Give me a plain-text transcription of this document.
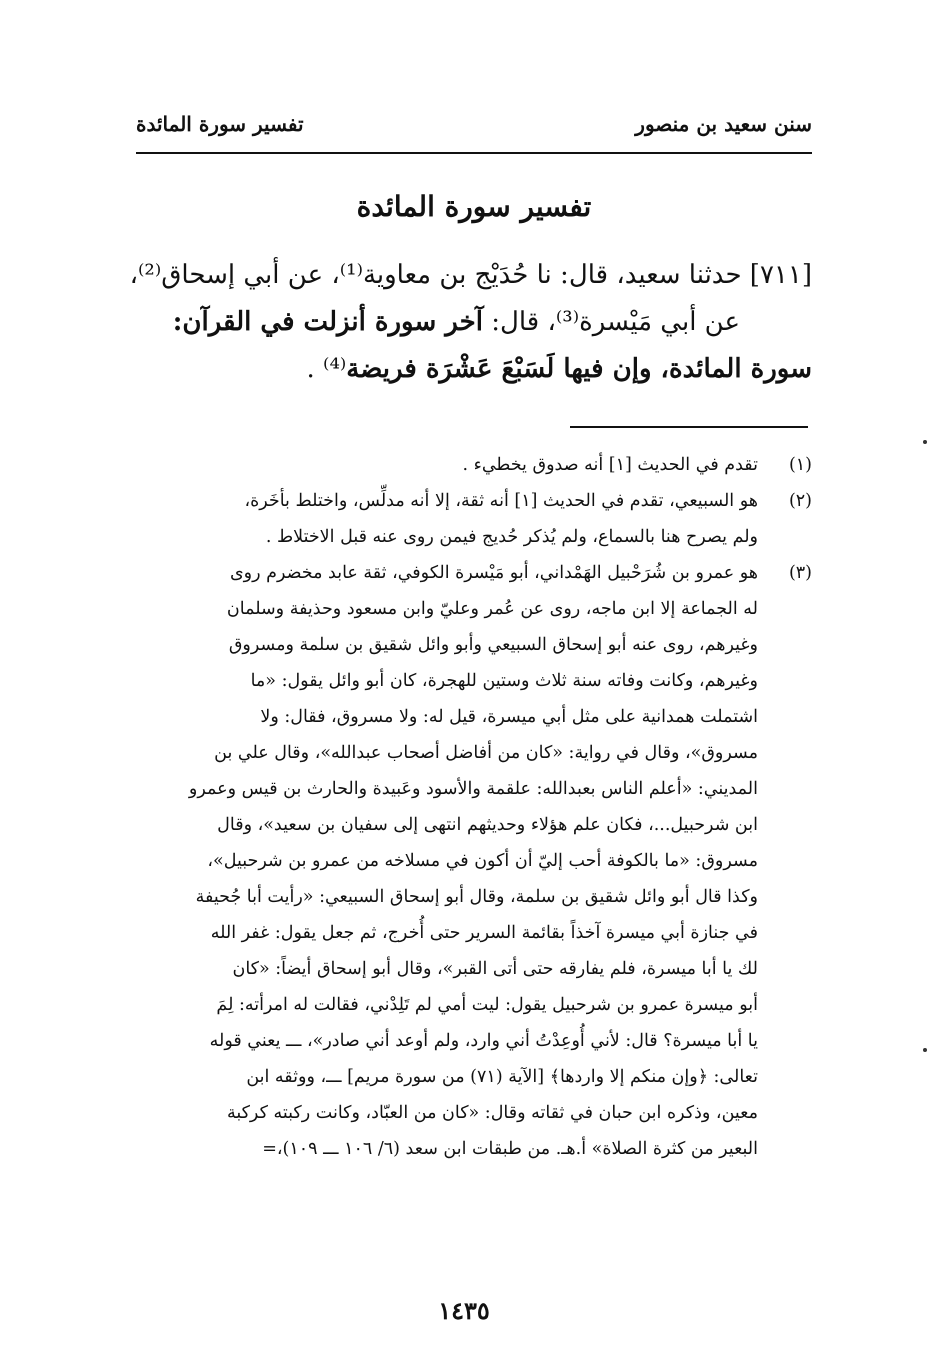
سنن سعيد بن منصور
تفسير سورة المائدة
تفسير سورة المائدة
[٧١١] حدثنا سعيد، قال: نا حُدَيْج بن معاوية⁽¹⁾، عن أبي إسحاق⁽²⁾،
عن أبي مَيْسرة⁽³⁾، قال: آخر سورة أنزلت في القرآن:
سورة المائدة، وإن فيها لَسَبْعَ عَشْرَة فريضة⁽⁴⁾ .
(١)
تقدم في الحديث [١] أنه صدوق يخطيء .
(٢)
هو السبيعي، تقدم في الحديث [١] أنه ثقة، إلا أنه مدلِّس، واختلط بأخَرة،
ولم يصرح هنا بالسماع، ولم يُذكر حُديج فيمن روى عنه قبل الاختلاط .
(٣)
هو عمرو بن شُرَحْبيل الهَمْداني، أبو مَيْسرة الكوفي، ثقة عابد مخضرم روى
له الجماعة إلا ابن ماجه، روى عن عُمر وعليّ وابن مسعود وحذيفة وسلمان
وغيرهم، روى عنه أبو إسحاق السبيعي وأبو وائل شقيق بن سلمة ومسروق
وغيرهم، وكانت وفاته سنة ثلاث وستين للهجرة، كان أبو وائل يقول: «ما
اشتملت همدانية على مثل أبي ميسرة، قيل له: ولا مسروق، فقال: ولا
مسروق»، وقال في رواية: «كان من أفاضل أصحاب عبدالله»، وقال علي بن
المديني: «أعلم الناس بعبدالله: علقمة والأسود وعَبيدة والحارث بن قيس وعمرو
ابن شرحبيل...، فكان علم هؤلاء وحديثهم انتهى إلى سفيان بن سعيد»، وقال
مسروق: «ما بالكوفة أحب إليّ أن أكون في مسلاخه من عمرو بن شرحبيل»،
وكذا قال أبو وائل شقيق بن سلمة، وقال أبو إسحاق السبيعي: «رأيت أبا جُحيفة
في جنازة أبي ميسرة آخذاً بقائمة السرير حتى أُخرج، ثم جعل يقول: غفر الله
لك يا أبا ميسرة، فلم يفارقه حتى أتى القبر»، وقال أبو إسحاق أيضاً: «كان
أبو ميسرة عمرو بن شرحبيل يقول: ليت أمي لم تَلِدْني، فقالت له امرأته: لِمَ
يا أبا ميسرة؟ قال: لأني أُوعِدْتُ أني وارد، ولم أوعد أني صادر»، ـــ يعني قوله
تعالى: ﴿وإن منكم إلا واردها﴾ [الآية (٧١) من سورة مريم] ـــ، ووثقه ابن
معين، وذكره ابن حبان في ثقاته وقال: «كان من العبّاد، وكانت ركبته كركبة
البعير من كثرة الصلاة» أ.هـ. من طبقات ابن سعد (٦/ ١٠٦ ـــ ١٠٩)،=
١٤٣٥
